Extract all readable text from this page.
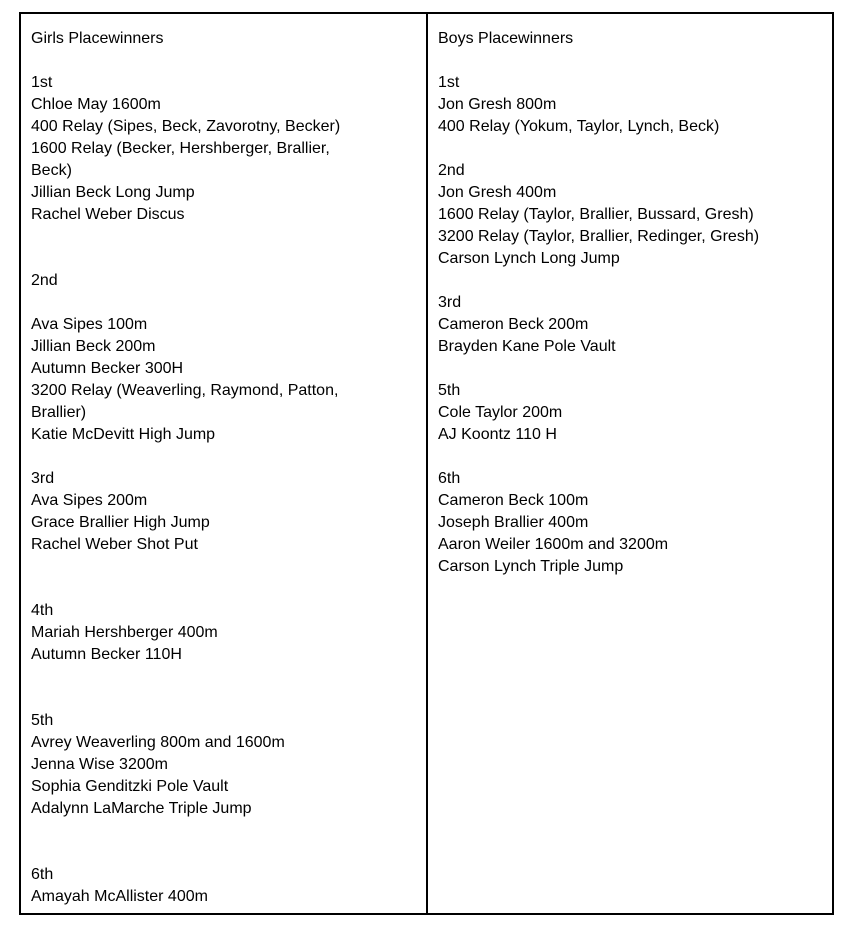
Girls Placewinners

1st

Chloe May 1600m

400 Relay (Sipes, Beck, Zavorotny, Becker)

1600 Relay (Becker, Hershberger, Brallier,

Beck)

Jillian Beck Long Jump

Rachel Weber Discus

2nd

Ava Sipes 100m

Jillian Beck 200m

Autumn Becker 300H

3200 Relay (Weaverling, Raymond, Patton,

Brallier)

Katie McDevitt High Jump

3rd

Ava Sipes 200m

Grace Brallier High Jump

Rachel Weber Shot Put

4th

Mariah Hershberger 400m

Autumn Becker 110H

5th

Avrey Weaverling 800m and 1600m

Jenna Wise 3200m

Sophia Genditzki Pole Vault

Adalynn LaMarche Triple Jump

6th

Amayah McAllister 400m

Boys Placewinners

1st

Jon Gresh 800m

400 Relay (Yokum, Taylor, Lynch, Beck)

2nd

Jon Gresh 400m

1600 Relay (Taylor, Brallier, Bussard, Gresh)

3200 Relay (Taylor, Brallier, Redinger, Gresh)

Carson Lynch Long Jump

3rd

Cameron Beck 200m

Brayden Kane Pole Vault

5th

Cole Taylor 200m

AJ Koontz 110 H

6th

Cameron Beck 100m

Joseph Brallier 400m

Aaron Weiler 1600m and 3200m

Carson Lynch Triple Jump
